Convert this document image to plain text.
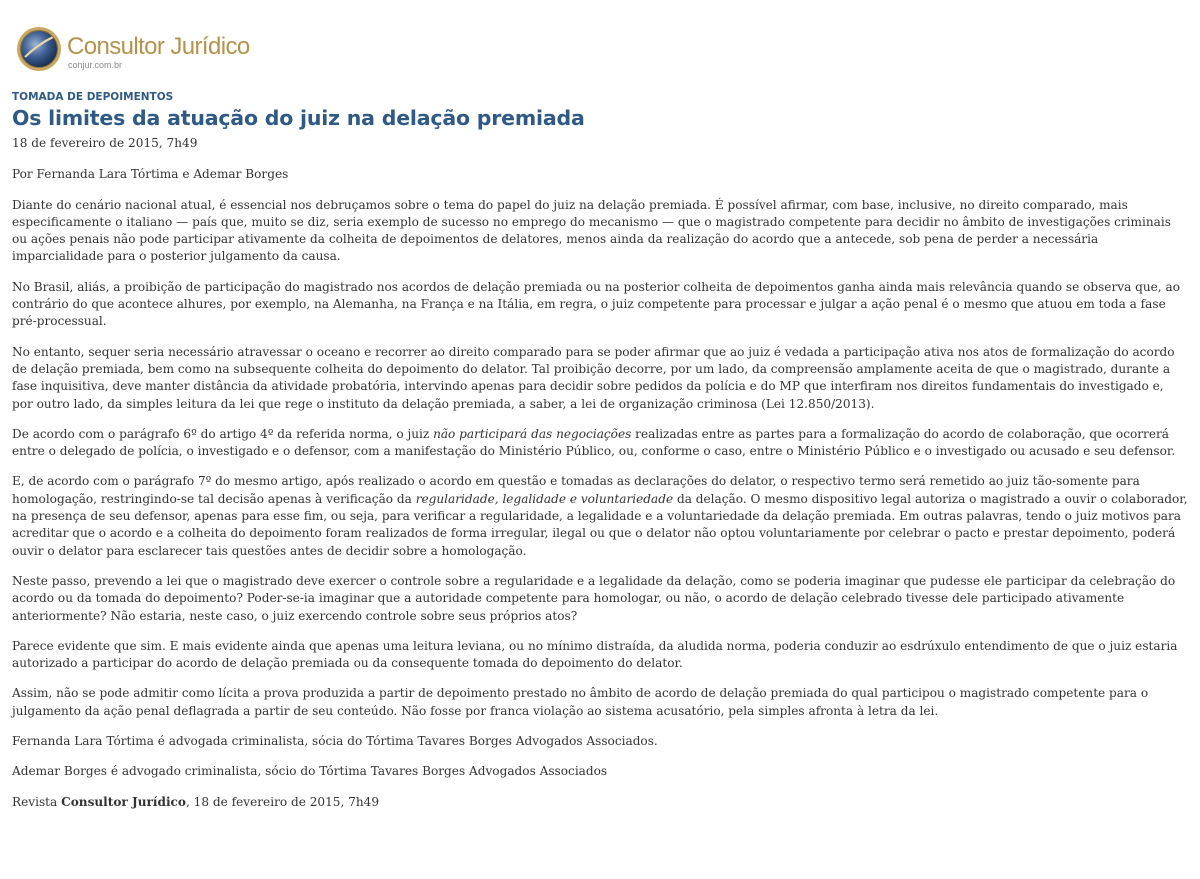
Consultor Jurídico
conjur.com.br
TOMADA DE DEPOIMENTOS
Os limites da atuação do juiz na delação premiada

18 de fevereiro de 2015, 7h49

Por Fernanda Lara Tórtima e Ademar Borges

Diante do cenário nacional atual, é essencial nos debruçamos sobre o tema do papel do juiz na delação premiada. É possível afirmar, com base, inclusive, no direito comparado, mais especificamente o italiano — país que, muito se diz, seria exemplo de sucesso no emprego do mecanismo — que o magistrado competente para decidir no âmbito de investigações criminais ou ações penais não pode participar ativamente da colheita de depoimentos de delatores, menos ainda da realização do acordo que a antecede, sob pena de perder a necessária imparcialidade para o posterior julgamento da causa.

No Brasil, aliás, a proibição de participação do magistrado nos acordos de delação premiada ou na posterior colheita de depoimentos ganha ainda mais relevância quando se observa que, ao contrário do que acontece alhures, por exemplo, na Alemanha, na França e na Itália, em regra, o juiz competente para processar e julgar a ação penal é o mesmo que atuou em toda a fase pré-processual.

No entanto, sequer seria necessário atravessar o oceano e recorrer ao direito comparado para se poder afirmar que ao juiz é vedada a participação ativa nos atos de formalização do acordo de delação premiada, bem como na subsequente colheita do depoimento do delator. Tal proibição decorre, por um lado, da compreensão amplamente aceita de que o magistrado, durante a fase inquisitiva, deve manter distância da atividade probatória, intervindo apenas para decidir sobre pedidos da polícia e do MP que interfiram nos direitos fundamentais do investigado e, por outro lado, da simples leitura da lei que rege o instituto da delação premiada, a saber, a lei de organização criminosa (Lei 12.850/2013).

De acordo com o parágrafo 6º do artigo 4º da referida norma, o juiz não participará das negociações realizadas entre as partes para a formalização do acordo de colaboração, que ocorrerá entre o delegado de polícia, o investigado e o defensor, com a manifestação do Ministério Público, ou, conforme o caso, entre o Ministério Público e o investigado ou acusado e seu defensor.

E, de acordo com o parágrafo 7º do mesmo artigo, após realizado o acordo em questão e tomadas as declarações do delator, o respectivo termo será remetido ao juiz tão-somente para homologação, restringindo-se tal decisão apenas à verificação da regularidade, legalidade e voluntariedade da delação. O mesmo dispositivo legal autoriza o magistrado a ouvir o colaborador, na presença de seu defensor, apenas para esse fim, ou seja, para verificar a regularidade, a legalidade e a voluntariedade da delação premiada. Em outras palavras, tendo o juiz motivos para acreditar que o acordo e a colheita do depoimento foram realizados de forma irregular, ilegal ou que o delator não optou voluntariamente por celebrar o pacto e prestar depoimento, poderá ouvir o delator para esclarecer tais questões antes de decidir sobre a homologação.

Neste passo, prevendo a lei que o magistrado deve exercer o controle sobre a regularidade e a legalidade da delação, como se poderia imaginar que pudesse ele participar da celebração do acordo ou da tomada do depoimento? Poder-se-ia imaginar que a autoridade competente para homologar, ou não, o acordo de delação celebrado tivesse dele participado ativamente anteriormente? Não estaria, neste caso, o juiz exercendo controle sobre seus próprios atos?

Parece evidente que sim. E mais evidente ainda que apenas uma leitura leviana, ou no mínimo distraída, da aludida norma, poderia conduzir ao esdrúxulo entendimento de que o juiz estaria autorizado a participar do acordo de delação premiada ou da consequente tomada do depoimento do delator.

Assim, não se pode admitir como lícita a prova produzida a partir de depoimento prestado no âmbito de acordo de delação premiada do qual participou o magistrado competente para o julgamento da ação penal deflagrada a partir de seu conteúdo. Não fosse por franca violação ao sistema acusatório, pela simples afronta à letra da lei.

Fernanda Lara Tórtima é advogada criminalista, sócia do Tórtima Tavares Borges Advogados Associados.

Ademar Borges é advogado criminalista, sócio do Tórtima Tavares Borges Advogados Associados

Revista Consultor Jurídico, 18 de fevereiro de 2015, 7h49
